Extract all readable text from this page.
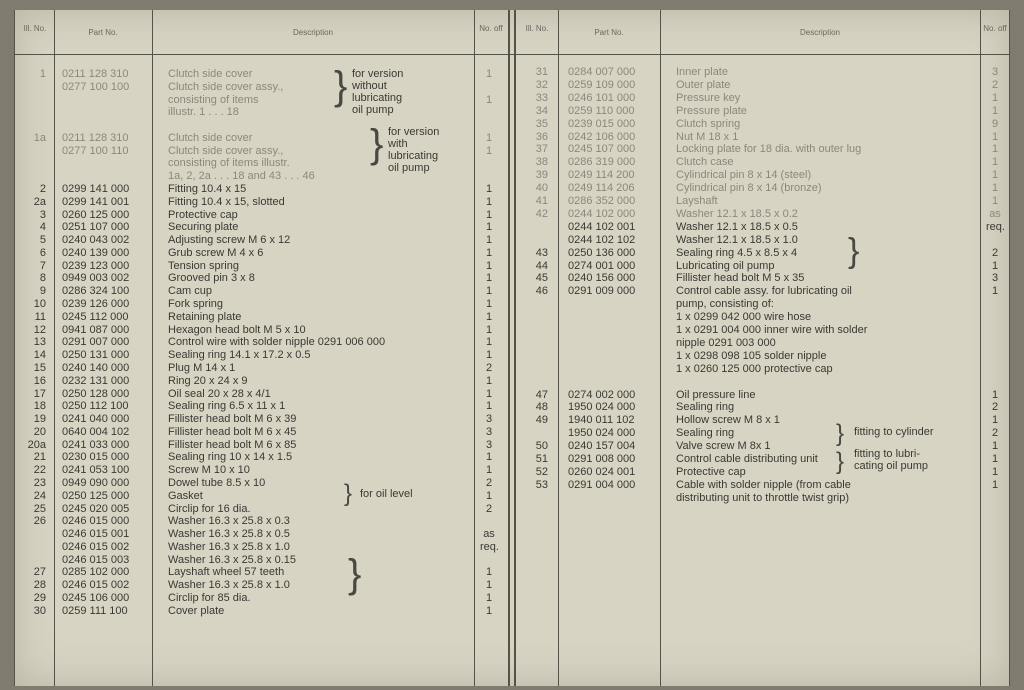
Ill. No.	Part No.	Description	No. off	Ill. No.	Part No.	Description	No. off
1 0211 128 310	Clutch side cover	1
0277 100 100	Clutch side cover assy.,
consisting of items	1
illustr. 1 . . . 18
1a 0211 128 310	Clutch side cover	1
0277 100 110	Clutch side cover assy.,	1
consisting of items illustr.
1a, 2, 2a . . . 18 and 43 . . . 46
2 0299 141 000	Fitting 10.4 x 15	1
2a 0299 141 001	Fitting 10.4 x 15, slotted	1
3 0260 125 000	Protective cap	1
4 0251 107 000	Securing plate	1
5 0240 043 002	Adjusting screw M 6 x 12	1
6 0240 139 000	Grub screw M 4 x 6	1
7 0239 123 000	Tension spring	1
8 0949 003 002	Grooved pin 3 x 8	1
9 0286 324 100	Cam cup	1
10 0239 126 000	Fork spring	1
11 0245 112 000	Retaining plate	1
12 0941 087 000	Hexagon head bolt M 5 x 10	1
13 0291 007 000	Control wire with solder nipple 0291 006 000	1
14 0250 131 000	Sealing ring 14.1 x 17.2 x 0.5	1
15 0240 140 000	Plug M 14 x 1	2
16 0232 131 000	Ring 20 x 24 x 9	1
17 0250 128 000	Oil seal 20 x 28 x 4/1	1
18 0250 112 100	Sealing ring 6.5 x 11 x 1	1
19 0241 040 000	Fillister head bolt M 6 x 39	3
20 0640 004 102	Fillister head bolt M 6 x 45	3
20a 0241 033 000	Fillister head bolt M 6 x 85	3
21 0230 015 000	Sealing ring 10 x 14 x 1.5	1
22 0241 053 100	Screw M 10 x 10	1
23 0949 090 000	Dowel tube 8.5 x 10	2
24 0250 125 000	Gasket	1
25 0245 020 005	Circlip for 16 dia.	2
26 0246 015 000	Washer 16.3 x 25.8 x 0.3
0246 015 001	Washer 16.3 x 25.8 x 0.5	as
0246 015 002	Washer 16.3 x 25.8 x 1.0	req.
0246 015 003	Washer 16.3 x 25.8 x 0.15
27 0285 102 000	Layshaft wheel 57 teeth	1
28 0246 015 002	Washer 16.3 x 25.8 x 1.0	1
29 0245 106 000	Circlip for 85 dia.	1
30 0259 111 100	Cover plate	1
31 0284 007 000	Inner plate	3
32 0259 109 000	Outer plate	2
33 0246 101 000	Pressure key	1
34 0259 110 000	Pressure plate	1
35 0239 015 000	Clutch spring	9
36 0242 106 000	Nut M 18 x 1	1
37 0245 107 000	Locking plate for 18 dia. with outer lug	1
38 0286 319 000	Clutch case	1
39 0249 114 200	Cylindrical pin 8 x 14 (steel)	1
40 0249 114 206	Cylindrical pin 8 x 14 (bronze)	1
41 0286 352 000	Layshaft	1
42 0244 102 000	Washer 12.1 x 18.5 x 0.2	as
0244 102 001	Washer 12.1 x 18.5 x 0.5	req.
0244 102 102	Washer 12.1 x 18.5 x 1.0
43 0250 136 000	Sealing ring 4.5 x 8.5 x 4	2
44 0274 001 000	Lubricating oil pump	1
45 0240 156 000	Fillister head bolt M 5 x 35	3
46 0291 009 000	Control cable assy. for lubricating oil	1
pump, consisting of:
1 x 0299 042 000 wire hose
1 x 0291 004 000 inner wire with solder
nipple 0291 003 000
1 x 0298 098 105 solder nipple
1 x 0260 125 000 protective cap
47 0274 002 000	Oil pressure line	1
48 1950 024 000	Sealing ring	2
49 1940 011 102	Hollow screw M 8 x 1	1
1950 024 000	Sealing ring	2
50 0240 157 004	Valve screw M 8x 1	1
51 0291 008 000	Control cable distributing unit	1
52 0260 024 001	Protective cap	1
53 0291 004 000	Cable with solder nipple (from cable	1
distributing unit to throttle twist grip)
} for version
without
lubricating
oil pump
} for version
with
lubricating
oil pump
} for oil level
}
}
} fitting to cylinder
} fitting to lubri-
cating oil pump
